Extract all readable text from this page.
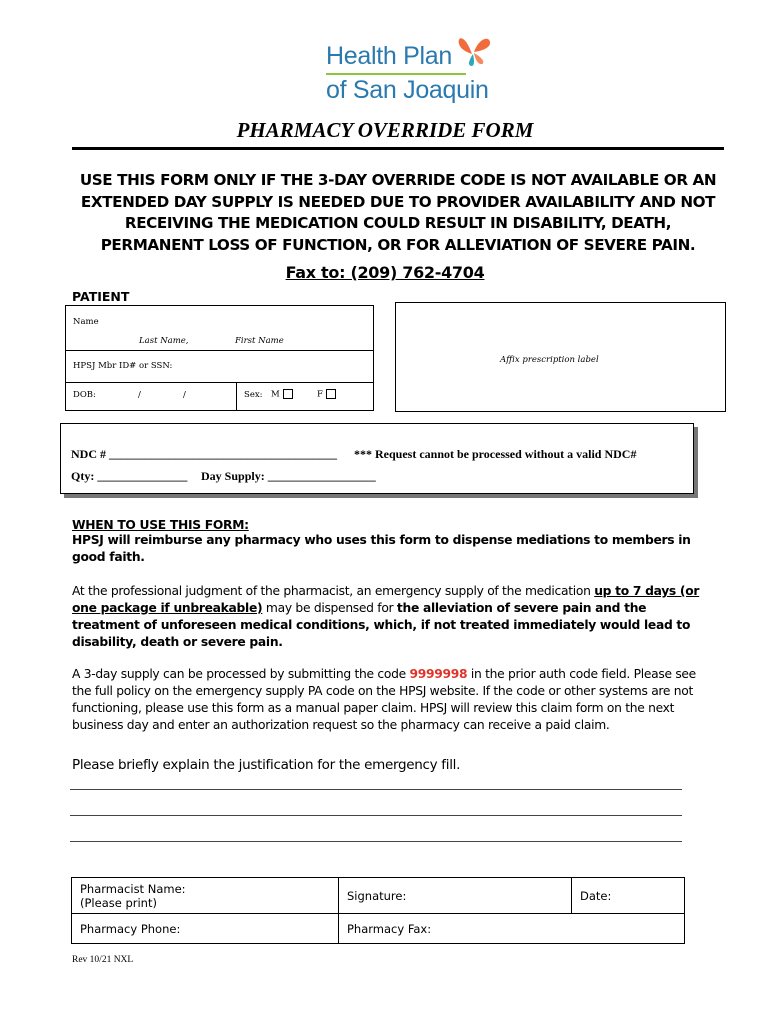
Health Plan
of San Joaquin
PHARMACY OVERRIDE FORM
USE THIS FORM ONLY IF THE 3-DAY OVERRIDE CODE IS NOT AVAILABLE OR AN
EXTENDED DAY SUPPLY IS NEEDED DUE TO PROVIDER AVAILABILITY AND NOT
RECEIVING THE MEDICATION COULD RESULT IN DISABILITY, DEATH,
PERMANENT LOSS OF FUNCTION, OR FOR ALLEVIATION OF SEVERE PAIN.
Fax to: (209) 762-4704
PATIENT
Name
Last Name,	First Name
HPSJ Mbr ID# or SSN:
DOB:	/	/	Sex: M	F
Affix prescription label
NDC # ______________________________________ *** Request cannot be processed without a valid NDC#
Qty: _______________ Day Supply: __________________
WHEN TO USE THIS FORM:
HPSJ will reimburse any pharmacy who uses this form to dispense mediations to members in good faith.
At the professional judgment of the pharmacist, an emergency supply of the medication up to 7 days (or one package if unbreakable) may be dispensed for the alleviation of severe pain and the treatment of unforeseen medical conditions, which, if not treated immediately would lead to disability, death or severe pain.
A 3-day supply can be processed by submitting the code 9999998 in the prior auth code field. Please see the full policy on the emergency supply PA code on the HPSJ website. If the code or other systems are not functioning, please use this form as a manual paper claim. HPSJ will review this claim form on the next business day and enter an authorization request so the pharmacy can receive a paid claim.
Please briefly explain the justification for the emergency fill.
Pharmacist Name:
(Please print)	Signature:	Date:
Pharmacy Phone:	Pharmacy Fax:	
Rev 10/21 NXL
